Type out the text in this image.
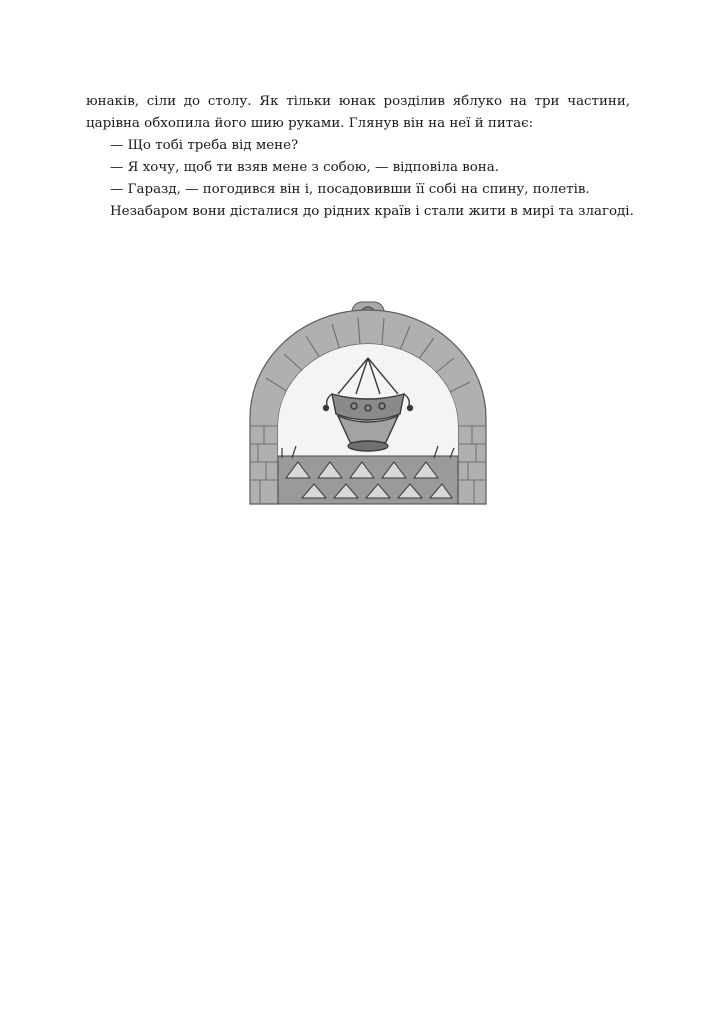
юнаків, сіли до столу. Як тільки юнак розділив яблуко на три частини,
царівна обхопила його шию руками. Глянув він на неї й питає:
— Що тобі треба від мене?
— Я хочу, щоб ти взяв мене з собою, — відповіла вона.
— Гаразд, — погодився він і, посадовивши її собі на спину, полетів.
Незабаром вони дісталися до рідних країв і стали жити в мирі та злагоді.
